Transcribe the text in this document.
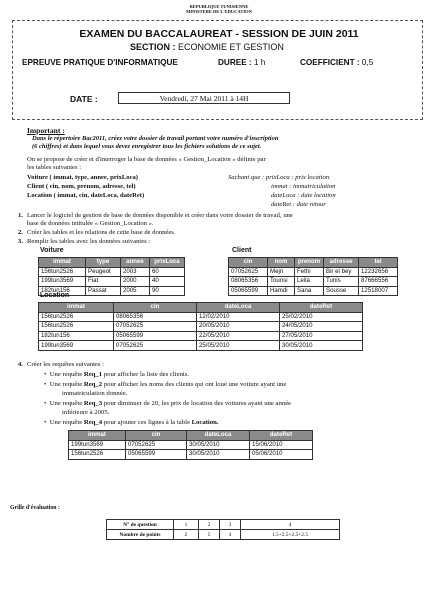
REPUBLIQUE TUNISIENNE
MINISTERE DE L'EDUCATION
EXAMEN DU BACCALAUREAT - SESSION DE JUIN 2011
SECTION : ECONOMIE ET GESTION
EPREUVE PRATIQUE D'INFORMATIQUE	DUREE : 1 h	COEFFICIENT : 0,5
DATE :	Vendredi, 27 Mai 2011 à 14H
Important :
Dans le répertoire Bac2011, créez votre dossier de travail portant votre numéro d'inscription
(6 chiffres) et dans lequel vous devez enregistrer tous les fichiers solutions de ce sujet.
On se propose de créer et d'interroger la base de données « Gestion_Location » définie par
les tables suivantes :
Voiture ( immat, type, annee, prixLoca)
Client ( cin, nom, prenom, adresse, tel)
Location ( immat, cin, dateLoca, dateRet)
Sachant que : prixLoca : prix location.
immat : immatriculation
dateLoca : date location
dateRet : date retour
1. Lancer le logiciel de gestion de base de données disponible et créer dans votre dossier de travail, une
base de données intitulée « Gestion_Location ».
2. Créer les tables et les relations de cette base de données.
3. Remplir les tables avec les données suivantes :
Voiture
immat	type	annee	prixLoca
156tun2526	Peugeot	2003	60
199tun3569	Fiat	2000	40
182tun156	Passat	2005	90
Client
cin	nom	prenom	adresse	tel
07052625	Mejri	Fethi	Bir el bey	12232656
08065356	Tounsi	Leila	Tunis	87666556
05065599	Hamdi	Sana	Sousse	12518007
Location
immat	cin	dateLoca	dateRet
156tun2526	08065356	12/02/2010	25/02/2010
156tun2526	07052625	20/05/2010	24/05/2010
182tun156	05065599	22/05/2010	27/05/2010
199tun3569	07052625	25/05/2010	30/05/2010
4. Créer les requêtes suivantes :
•  Une requête Req_1 pour afficher la liste des clients.
•  Une requête Req_2 pour afficher les noms des clients qui ont loué une voiture ayant une
immatriculation donnée.
•  Une requête Req_3 pour diminuer de 20, les prix de location des voitures ayant une année
inférieure à 2005.
•  Une requête Req_4 pour ajouter ces lignes à la table Location.
immat	cin	dateLoca	dateRet
199tun3569	07052625	30/05/2010	15/06/2010
156tun2526	05065599	30/05/2010	05/06/2010
Grille d'évaluation :
N° de question	1	2	3	4
Nombre de points	2	5	4	1.5+2.5+2.5+2.5
